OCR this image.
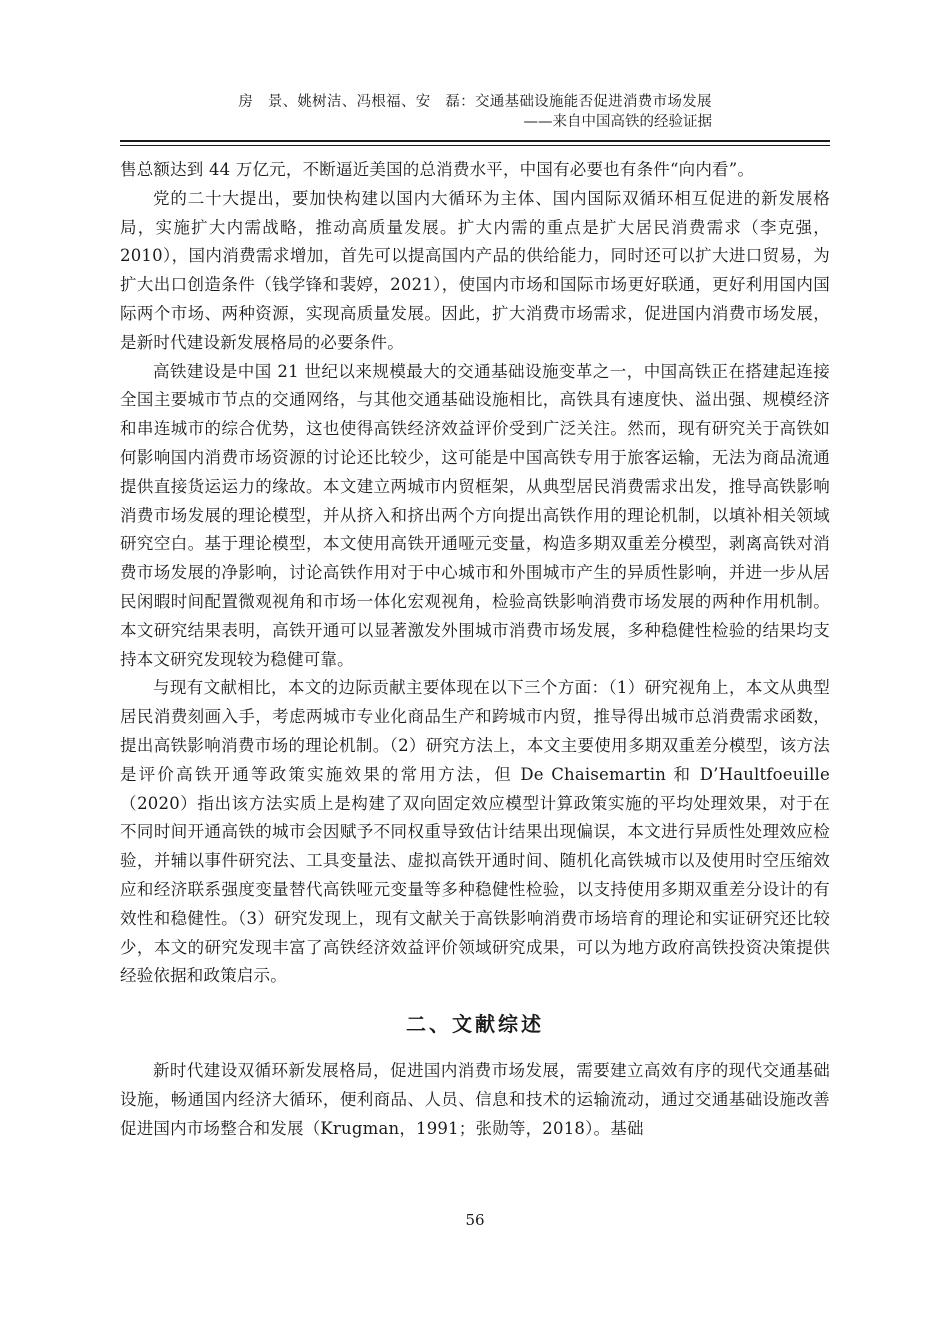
房　景、姚树洁、冯根福、安　磊：交通基础设施能否促进消费市场发展
——来自中国高铁的经验证据

售总额达到 44 万亿元，不断逼近美国的总消费水平，中国有必要也有条件“向内看”。

党的二十大提出，要加快构建以国内大循环为主体、国内国际双循环相互促进的新发展格局，实施扩大内需战略，推动高质量发展。扩大内需的重点是扩大居民消费需求（李克强，2010），国内消费需求增加，首先可以提高国内产品的供给能力，同时还可以扩大进口贸易，为扩大出口创造条件（钱学锋和裴婷，2021），使国内市场和国际市场更好联通，更好利用国内国际两个市场、两种资源，实现高质量发展。因此，扩大消费市场需求，促进国内消费市场发展，是新时代建设新发展格局的必要条件。

高铁建设是中国 21 世纪以来规模最大的交通基础设施变革之一，中国高铁正在搭建起连接全国主要城市节点的交通网络，与其他交通基础设施相比，高铁具有速度快、溢出强、规模经济和串连城市的综合优势，这也使得高铁经济效益评价受到广泛关注。然而，现有研究关于高铁如何影响国内消费市场资源的讨论还比较少，这可能是中国高铁专用于旅客运输，无法为商品流通提供直接货运运力的缘故。本文建立两城市内贸框架，从典型居民消费需求出发，推导高铁影响消费市场发展的理论模型，并从挤入和挤出两个方向提出高铁作用的理论机制，以填补相关领域研究空白。基于理论模型，本文使用高铁开通哑元变量，构造多期双重差分模型，剥离高铁对消费市场发展的净影响，讨论高铁作用对于中心城市和外围城市产生的异质性影响，并进一步从居民闲暇时间配置微观视角和市场一体化宏观视角，检验高铁影响消费市场发展的两种作用机制。本文研究结果表明，高铁开通可以显著激发外围城市消费市场发展，多种稳健性检验的结果均支持本文研究发现较为稳健可靠。

与现有文献相比，本文的边际贡献主要体现在以下三个方面：（1）研究视角上，本文从典型居民消费刻画入手，考虑两城市专业化商品生产和跨城市内贸，推导得出城市总消费需求函数，提出高铁影响消费市场的理论机制。（2）研究方法上，本文主要使用多期双重差分模型，该方法是评价高铁开通等政策实施效果的常用方法，但 De Chaisemartin 和 D’Haultfoeuille（2020）指出该方法实质上是构建了双向固定效应模型计算政策实施的平均处理效果，对于在不同时间开通高铁的城市会因赋予不同权重导致估计结果出现偏误，本文进行异质性处理效应检验，并辅以事件研究法、工具变量法、虚拟高铁开通时间、随机化高铁城市以及使用时空压缩效应和经济联系强度变量替代高铁哑元变量等多种稳健性检验，以支持使用多期双重差分设计的有效性和稳健性。（3）研究发现上，现有文献关于高铁影响消费市场培育的理论和实证研究还比较少，本文的研究发现丰富了高铁经济效益评价领域研究成果，可以为地方政府高铁投资决策提供经验依据和政策启示。

二、文献综述

新时代建设双循环新发展格局，促进国内消费市场发展，需要建立高效有序的现代交通基础设施，畅通国内经济大循环，便利商品、人员、信息和技术的运输流动，通过交通基础设施改善促进国内市场整合和发展（Krugman，1991；张勋等，2018）。基础

56
